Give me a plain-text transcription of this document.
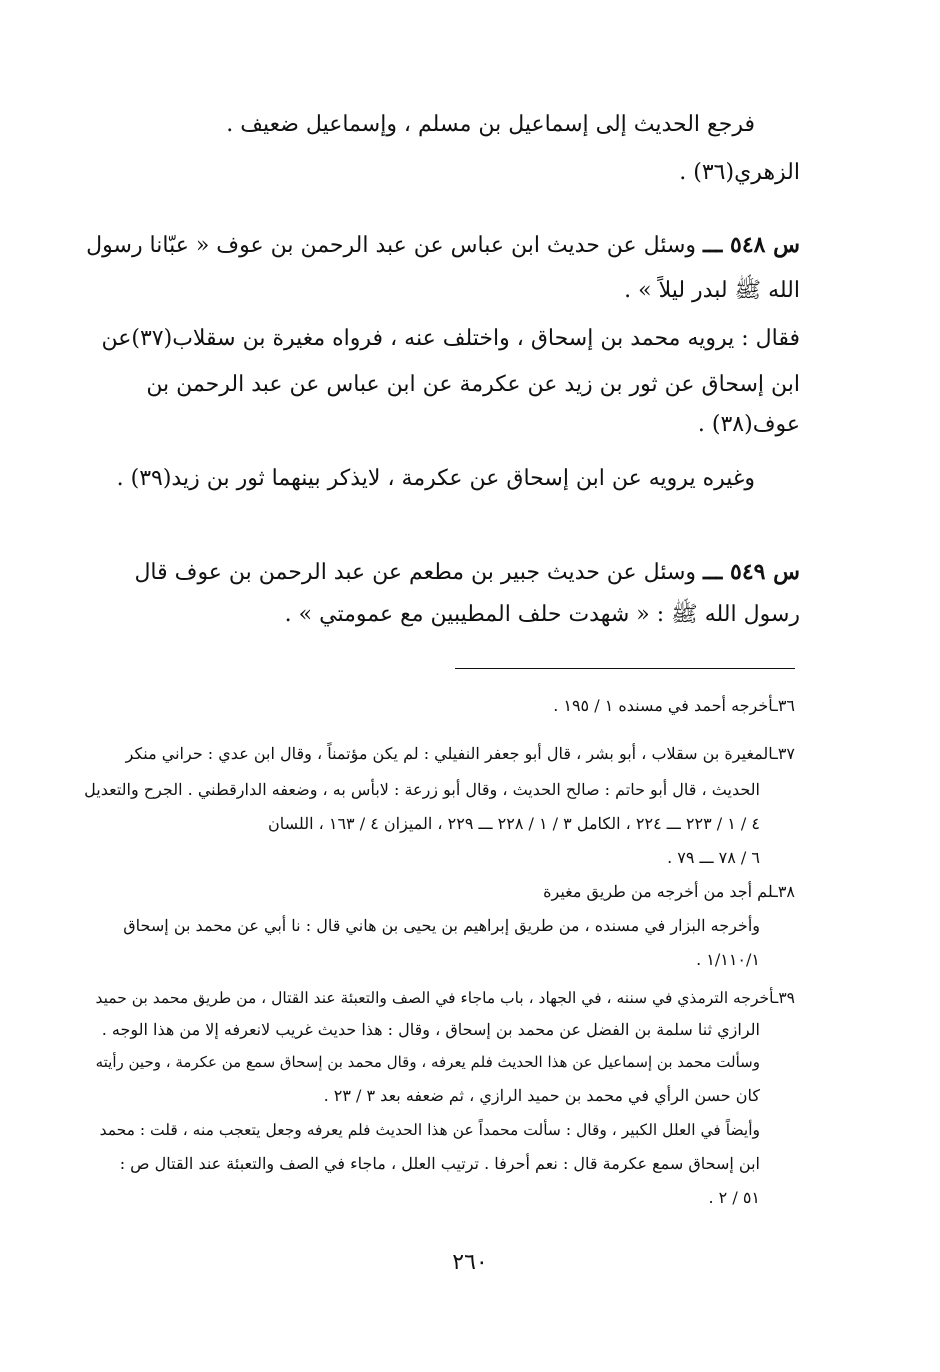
فرجع الحديث إلى إسماعيل بن مسلم ، وإسماعيل ضعيف .
الزهري(٣٦) .
س ٥٤٨ ـــ وسئل عن حديث ابن عباس عن عبد الرحمن بن عوف « عبّانا رسول
الله ﷺ لبدر ليلاً » .
فقال : يرويه محمد بن إسحاق ، واختلف عنه ، فرواه مغيرة بن سقلاب(٣٧)عن
ابن إسحاق عن ثور بن زيد عن عكرمة عن ابن عباس عن عبد الرحمن بن
عوف(٣٨) .
وغيره يرويه عن ابن إسحاق عن عكرمة ، لايذكر بينهما ثور بن زيد(٣٩) .
س ٥٤٩ ـــ وسئل عن حديث جبير بن مطعم عن عبد الرحمن بن عوف قال
رسول الله ﷺ : « شهدت حلف المطيبين مع عمومتي » .
٣٦ـأخرجه أحمد في مسنده ١ / ١٩٥ .
٣٧ـالمغيرة بن سقلاب ، أبو بشر ، قال أبو جعفر النفيلي : لم يكن مؤتمناً ، وقال ابن عدي : حراني منكر
الحديث ، قال أبو حاتم : صالح الحديث ، وقال أبو زرعة : لابأس به ، وضعفه الدارقطني . الجرح والتعديل
٤ / ١ / ٢٢٣ ـــ ٢٢٤ ، الكامل ٣ / ١ / ٢٢٨ ـــ ٢٢٩ ، الميزان ٤ / ١٦٣ ، اللسان
٦ / ٧٨ ـــ ٧٩ .
٣٨ـلم أجد من أخرجه من طريق مغيرة
وأخرجه البزار في مسنده ، من طريق إبراهيم بن يحيى بن هاني قال : نا أبي عن محمد بن إسحاق
١/١١٠/١ .
٣٩ـأخرجه الترمذي في سننه ، في الجهاد ، باب ماجاء في الصف والتعبئة عند القتال ، من طريق محمد بن حميد
الرازي ثنا سلمة بن الفضل عن محمد بن إسحاق ، وقال : هذا حديث غريب لانعرفه إلا من هذا الوجه .
وسألت محمد بن إسماعيل عن هذا الحديث فلم يعرفه ، وقال محمد بن إسحاق سمع من عكرمة ، وحين رأيته
كان حسن الرأي في محمد بن حميد الرازي ، ثم ضعفه بعد ٣ / ٢٣ .
وأيضاً في العلل الكبير ، وقال : سألت محمداً عن هذا الحديث فلم يعرفه وجعل يتعجب منه ، قلت : محمد
ابن إسحاق سمع عكرمة قال : نعم أحرفا . ترتيب العلل ، ماجاء في الصف والتعبئة عند القتال ص :
٥١ / ٢ .
٢٦٠
